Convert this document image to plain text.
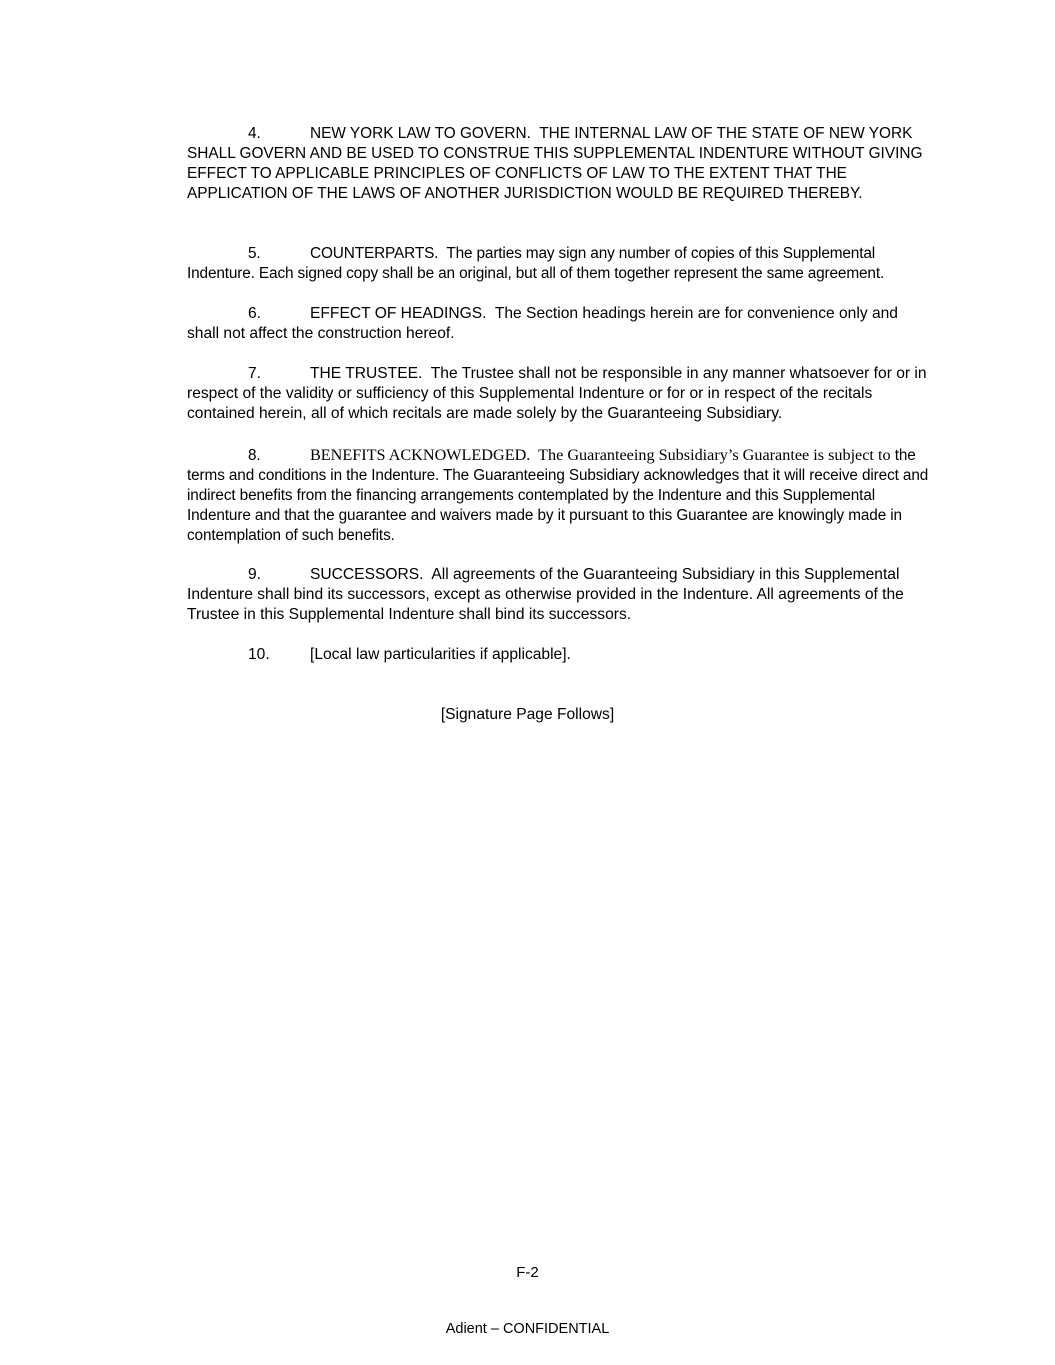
4.	NEW YORK LAW TO GOVERN. THE INTERNAL LAW OF THE STATE OF NEW YORK SHALL GOVERN AND BE USED TO CONSTRUE THIS SUPPLEMENTAL INDENTURE WITHOUT GIVING EFFECT TO APPLICABLE PRINCIPLES OF CONFLICTS OF LAW TO THE EXTENT THAT THE APPLICATION OF THE LAWS OF ANOTHER JURISDICTION WOULD BE REQUIRED THEREBY.
5.	COUNTERPARTS. The parties may sign any number of copies of this Supplemental Indenture. Each signed copy shall be an original, but all of them together represent the same agreement.
6.	EFFECT OF HEADINGS. The Section headings herein are for convenience only and shall not affect the construction hereof.
7.	THE TRUSTEE. The Trustee shall not be responsible in any manner whatsoever for or in respect of the validity or sufficiency of this Supplemental Indenture or for or in respect of the recitals contained herein, all of which recitals are made solely by the Guaranteeing Subsidiary.
8.	BENEFITS ACKNOWLEDGED. The Guaranteeing Subsidiary’s Guarantee is subject to the terms and conditions in the Indenture. The Guaranteeing Subsidiary acknowledges that it will receive direct and indirect benefits from the financing arrangements contemplated by the Indenture and this Supplemental Indenture and that the guarantee and waivers made by it pursuant to this Guarantee are knowingly made in contemplation of such benefits.
9.	SUCCESSORS. All agreements of the Guaranteeing Subsidiary in this Supplemental Indenture shall bind its successors, except as otherwise provided in the Indenture. All agreements of the Trustee in this Supplemental Indenture shall bind its successors.
10.	[Local law particularities if applicable].
[Signature Page Follows]
F-2
Adient – CONFIDENTIAL
